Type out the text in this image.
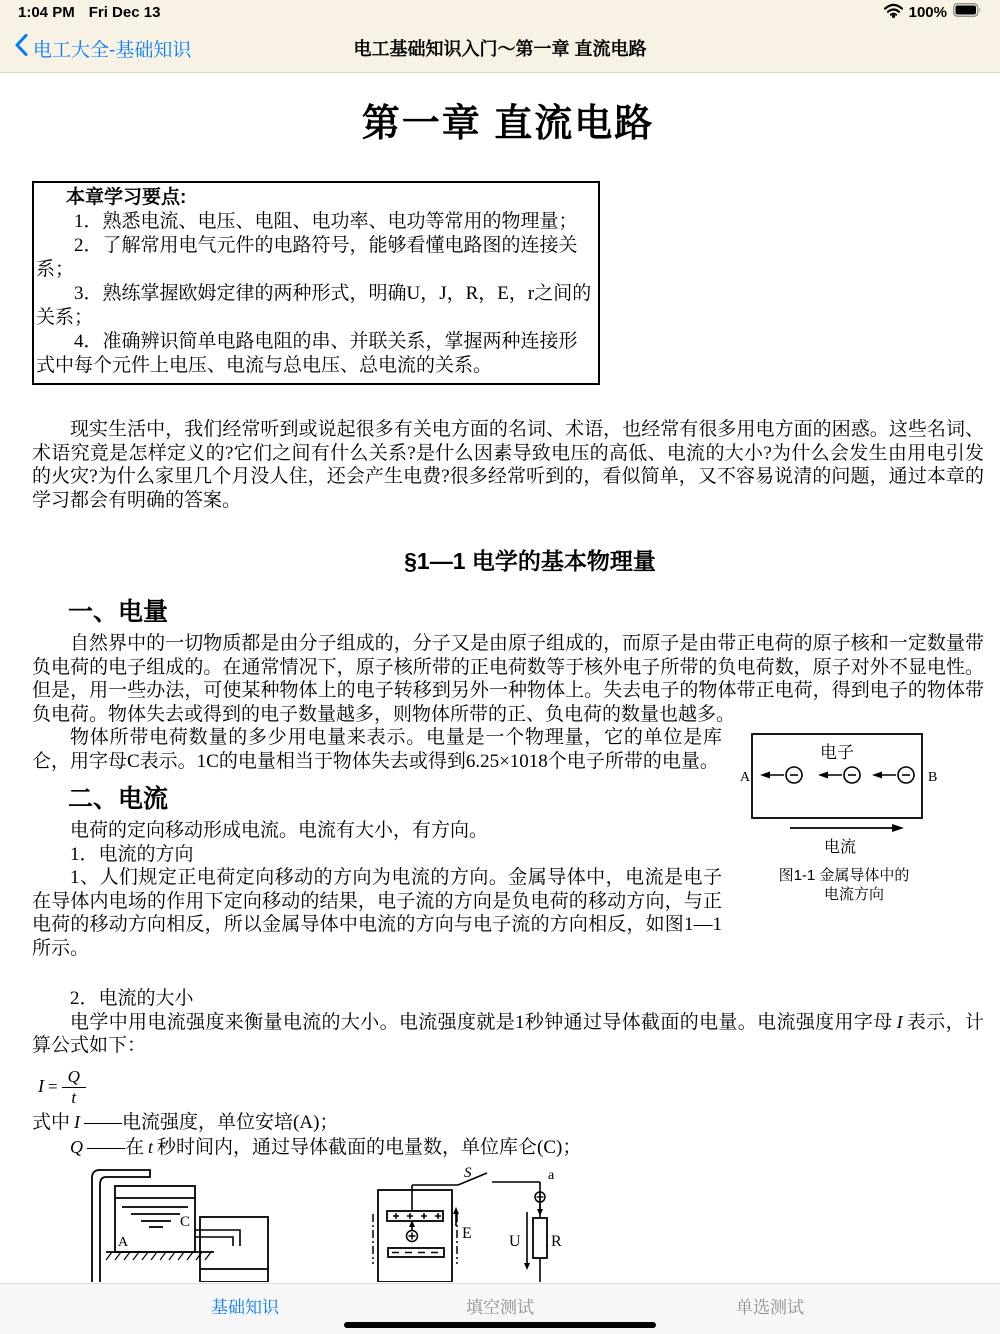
1:04 PM Fri Dec 13	100%
电工大全-基础知识	电工基础知识入门～第一章 直流电路
第一章 直流电路

本章学习要点:

1．熟悉电流、电压、电阻、电功率、电功等常用的物理量；

2．了解常用电气元件的电路符号，能够看懂电路图的连接关系；

3．熟练掌握欧姆定律的两种形式，明确U，J，R，E，r之间的关系；

4．准确辨识简单电路电阻的串、并联关系，掌握两种连接形式中每个元件上电压、电流与总电压、总电流的关系。

现实生活中，我们经常听到或说起很多有关电方面的名词、术语，也经常有很多用电方面的困惑。这些名词、术语究竟是怎样定义的?它们之间有什么关系?是什么因素导致电压的高低、电流的大小?为什么会发生由用电引发的火灾?为什么家里几个月没人住，还会产生电费?很多经常听到的，看似简单，又不容易说清的问题，通过本章的学习都会有明确的答案。

§1—1 电学的基本物理量
一、电量

自然界中的一切物质都是由分子组成的，分子又是由原子组成的，而原子是由带正电荷的原子核和一定数量带负电荷的电子组成的。在通常情况下，原子核所带的正电荷数等于核外电子所带的负电荷数，原子对外不显电性。但是，用一些办法，可使某种物体上的电子转移到另外一种物体上。失去电子的物体带正电荷，得到电子的物体带负电荷。物体失去或得到的电子数量越多，则物体所带的正、负电荷的数量也越多。

电子
A	B
电流
图1-1 金属导体中的
电流方向

物体所带电荷数量的多少用电量来表示。电量是一个物理量，它的单位是库仑，用字母C表示。1C的电量相当于物体失去或得到6.25×1018个电子所带的电量。

二、电流

电荷的定向移动形成电流。电流有大小，有方向。

1．电流的方向

1、人们规定正电荷定向移动的方向为电流的方向。金属导体中，电流是电子在导体内电场的作用下定向移动的结果，电子流的方向是负电荷的移动方向，与正电荷的移动方向相反，所以金属导体中电流的方向与电子流的方向相反，如图1—1所示。

2．电流的大小

电学中用电流强度来衡量电流的大小。电流强度就是1秒钟通过导体截面的电量。电流强度用字母 I 表示，计算公式如下：

$I = \frac{Q}{t}$

式中 I ——电流强度，单位安培(A)；

Q ——在 t 秒时间内，通过导体截面的电量数，单位库仑(C)；

A
C
S	a
E U R
基础知识	填空测试	单选测试
